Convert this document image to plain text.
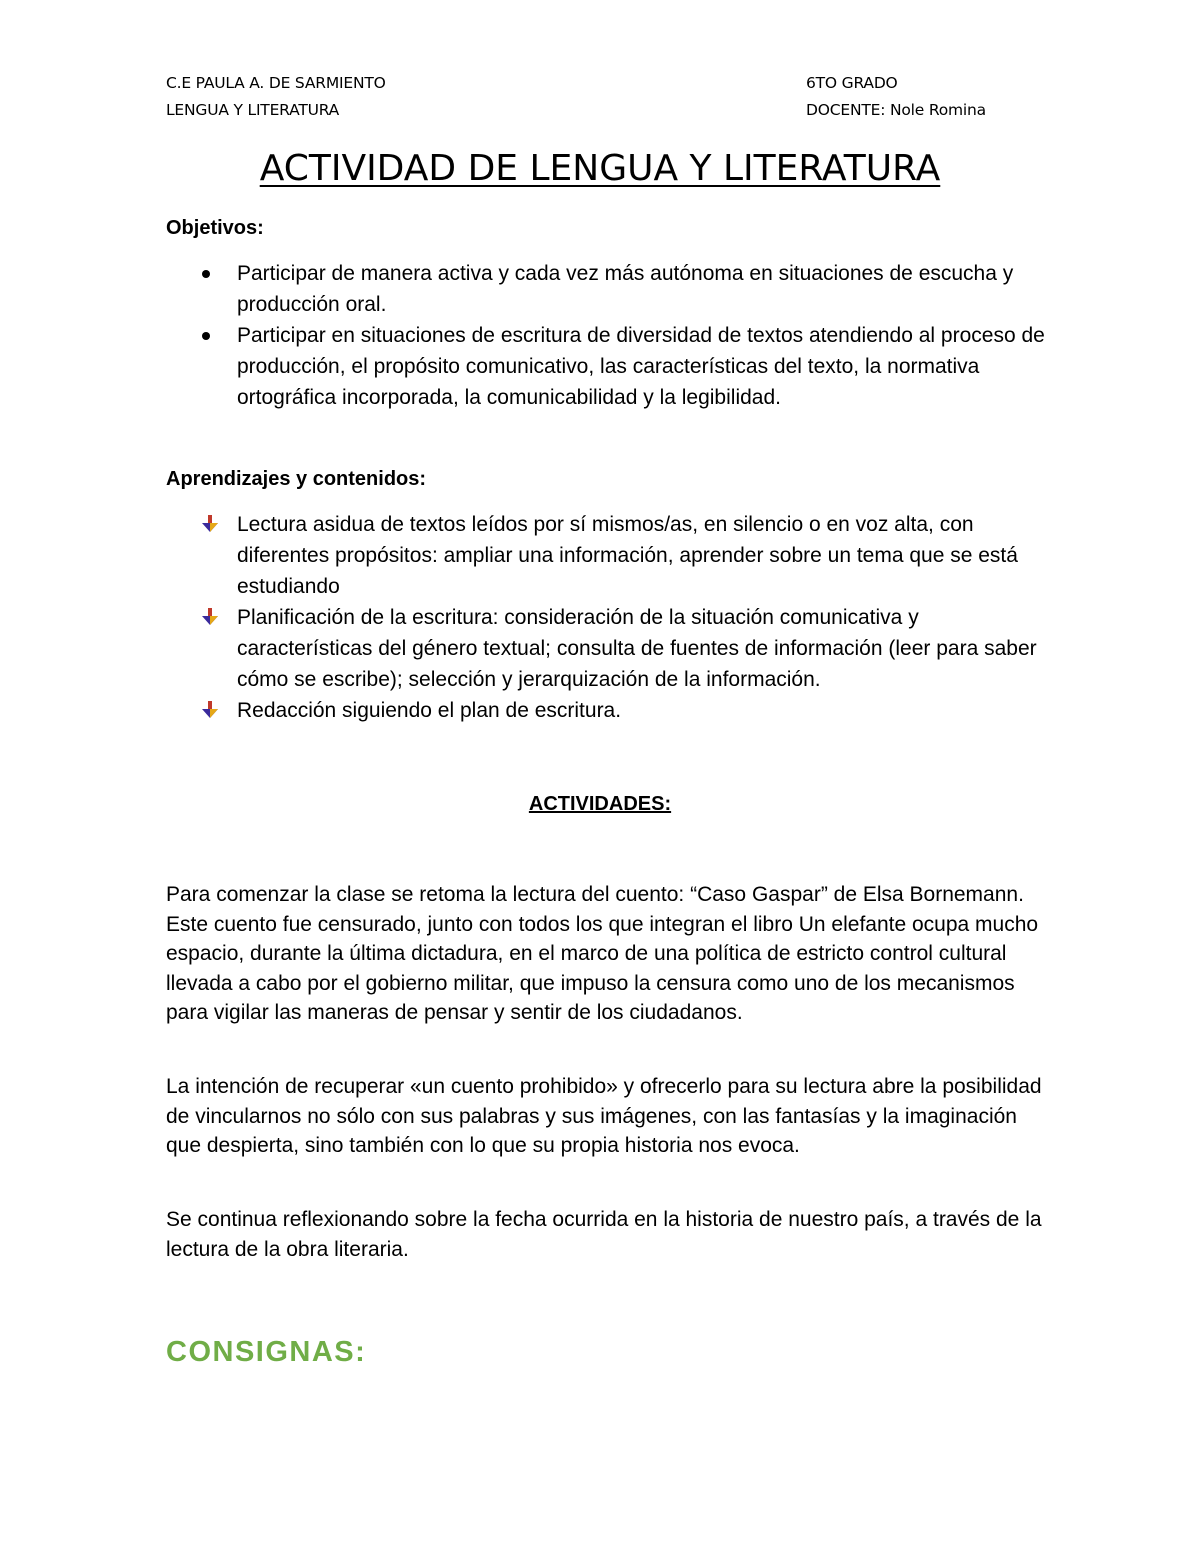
C.E PAULA A. DE SARMIENTO
LENGUA Y LITERATURA
6TO GRADO
DOCENTE: Nole Romina
ACTIVIDAD DE LENGUA Y LITERATURA
Objetivos:
Participar de manera activa y cada vez más autónoma en situaciones de escucha y producción oral.
Participar en situaciones de escritura de diversidad de textos atendiendo al proceso de producción, el propósito comunicativo, las características del texto, la normativa ortográfica incorporada, la comunicabilidad y la legibilidad.
Aprendizajes y contenidos:
Lectura asidua de textos leídos por sí mismos/as, en silencio o en voz alta, con diferentes propósitos: ampliar una información, aprender sobre un tema que se está estudiando
Planificación de la escritura: consideración de la situación comunicativa y características del género textual; consulta de fuentes de información (leer para saber cómo se escribe); selección y jerarquización de la información.
Redacción siguiendo el plan de escritura.
ACTIVIDADES:

Para comenzar la clase se retoma la lectura del cuento: “Caso Gaspar” de Elsa Bornemann. Este cuento fue censurado, junto con todos los que integran el libro Un elefante ocupa mucho espacio, durante la última dictadura, en el marco de una política de estricto control cultural llevada a cabo por el gobierno militar, que impuso la censura como uno de los mecanismos para vigilar las maneras de pensar y sentir de los ciudadanos.

La intención de recuperar «un cuento prohibido» y ofrecerlo para su lectura abre la posibilidad de vincularnos no sólo con sus palabras y sus imágenes, con las fantasías y la imaginación que despierta, sino también con lo que su propia historia nos evoca.

Se continua reflexionando sobre la fecha ocurrida en la historia de nuestro país, a través de la lectura de la obra literaria.

CONSIGNAS:
